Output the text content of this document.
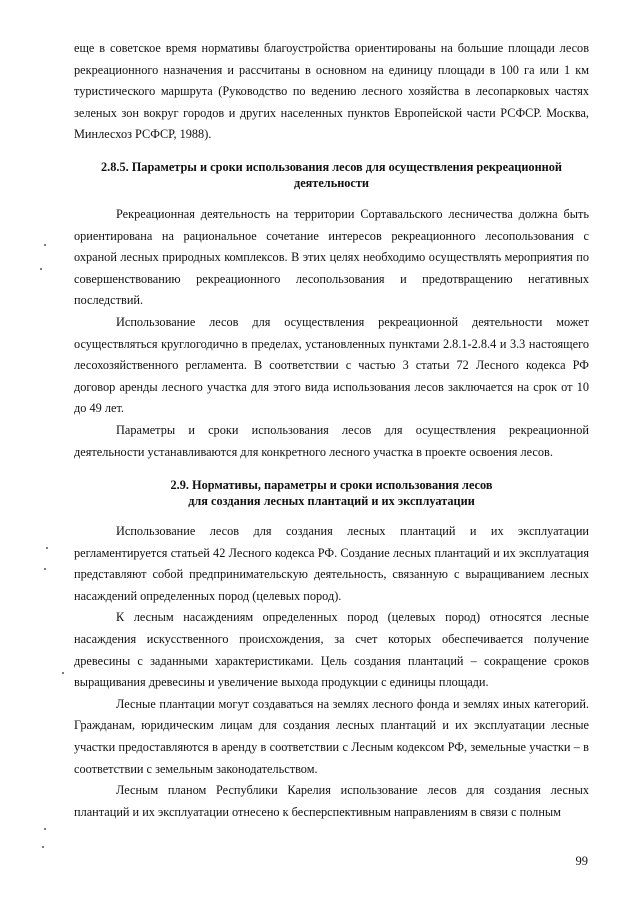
еще в советское время нормативы благоустройства ориентированы на большие площади лесов рекреационного назначения и рассчитаны в основном на единицу площади в 100 га или 1 км туристического маршрута (Руководство по ведению лесного хозяйства в лесопарковых частях зеленых зон вокруг городов и других населенных пунктов Европейской части РСФСР. Москва, Минлесхоз РСФСР, 1988).

2.8.5. Параметры и сроки использования лесов для осуществления рекреационной
деятельности

Рекреационная деятельность на территории Сортавальского лесничества должна быть ориентирована на рациональное сочетание интересов рекреационного лесопользования с охраной лесных природных комплексов. В этих целях необходимо осуществлять мероприятия по совершенствованию рекреационного лесопользования и предотвращению негативных последствий.

Использование лесов для осуществления рекреационной деятельности может осуществляться круглогодично в пределах, установленных пунктами 2.8.1-2.8.4 и 3.3 настоящего лесохозяйственного регламента. В соответствии с частью 3 статьи 72 Лесного кодекса РФ договор аренды лесного участка для этого вида использования лесов заключается на срок от 10 до 49 лет.

Параметры и сроки использования лесов для осуществления рекреационной деятельности устанавливаются для конкретного лесного участка в проекте освоения лесов.

2.9. Нормативы, параметры и сроки использования лесов
для создания лесных плантаций и их эксплуатации

Использование лесов для создания лесных плантаций и их эксплуатации регламентируется статьей 42 Лесного кодекса РФ. Создание лесных плантаций и их эксплуатация представляют собой предпринимательскую деятельность, связанную с выращиванием лесных насаждений определенных пород (целевых пород).

К лесным насаждениям определенных пород (целевых пород) относятся лесные насаждения искусственного происхождения, за счет которых обеспечивается получение древесины с заданными характеристиками. Цель создания плантаций – сокращение сроков выращивания древесины и увеличение выхода продукции с единицы площади.

Лесные плантации могут создаваться на землях лесного фонда и землях иных категорий. Гражданам, юридическим лицам для создания лесных плантаций и их эксплуатации лесные участки предоставляются в аренду в соответствии с Лесным кодексом РФ, земельные участки – в соответствии с земельным законодательством.

Лесным планом Республики Карелия использование лесов для создания лесных плантаций и их эксплуатации отнесено к бесперспективным направлениям в связи с полным

99
